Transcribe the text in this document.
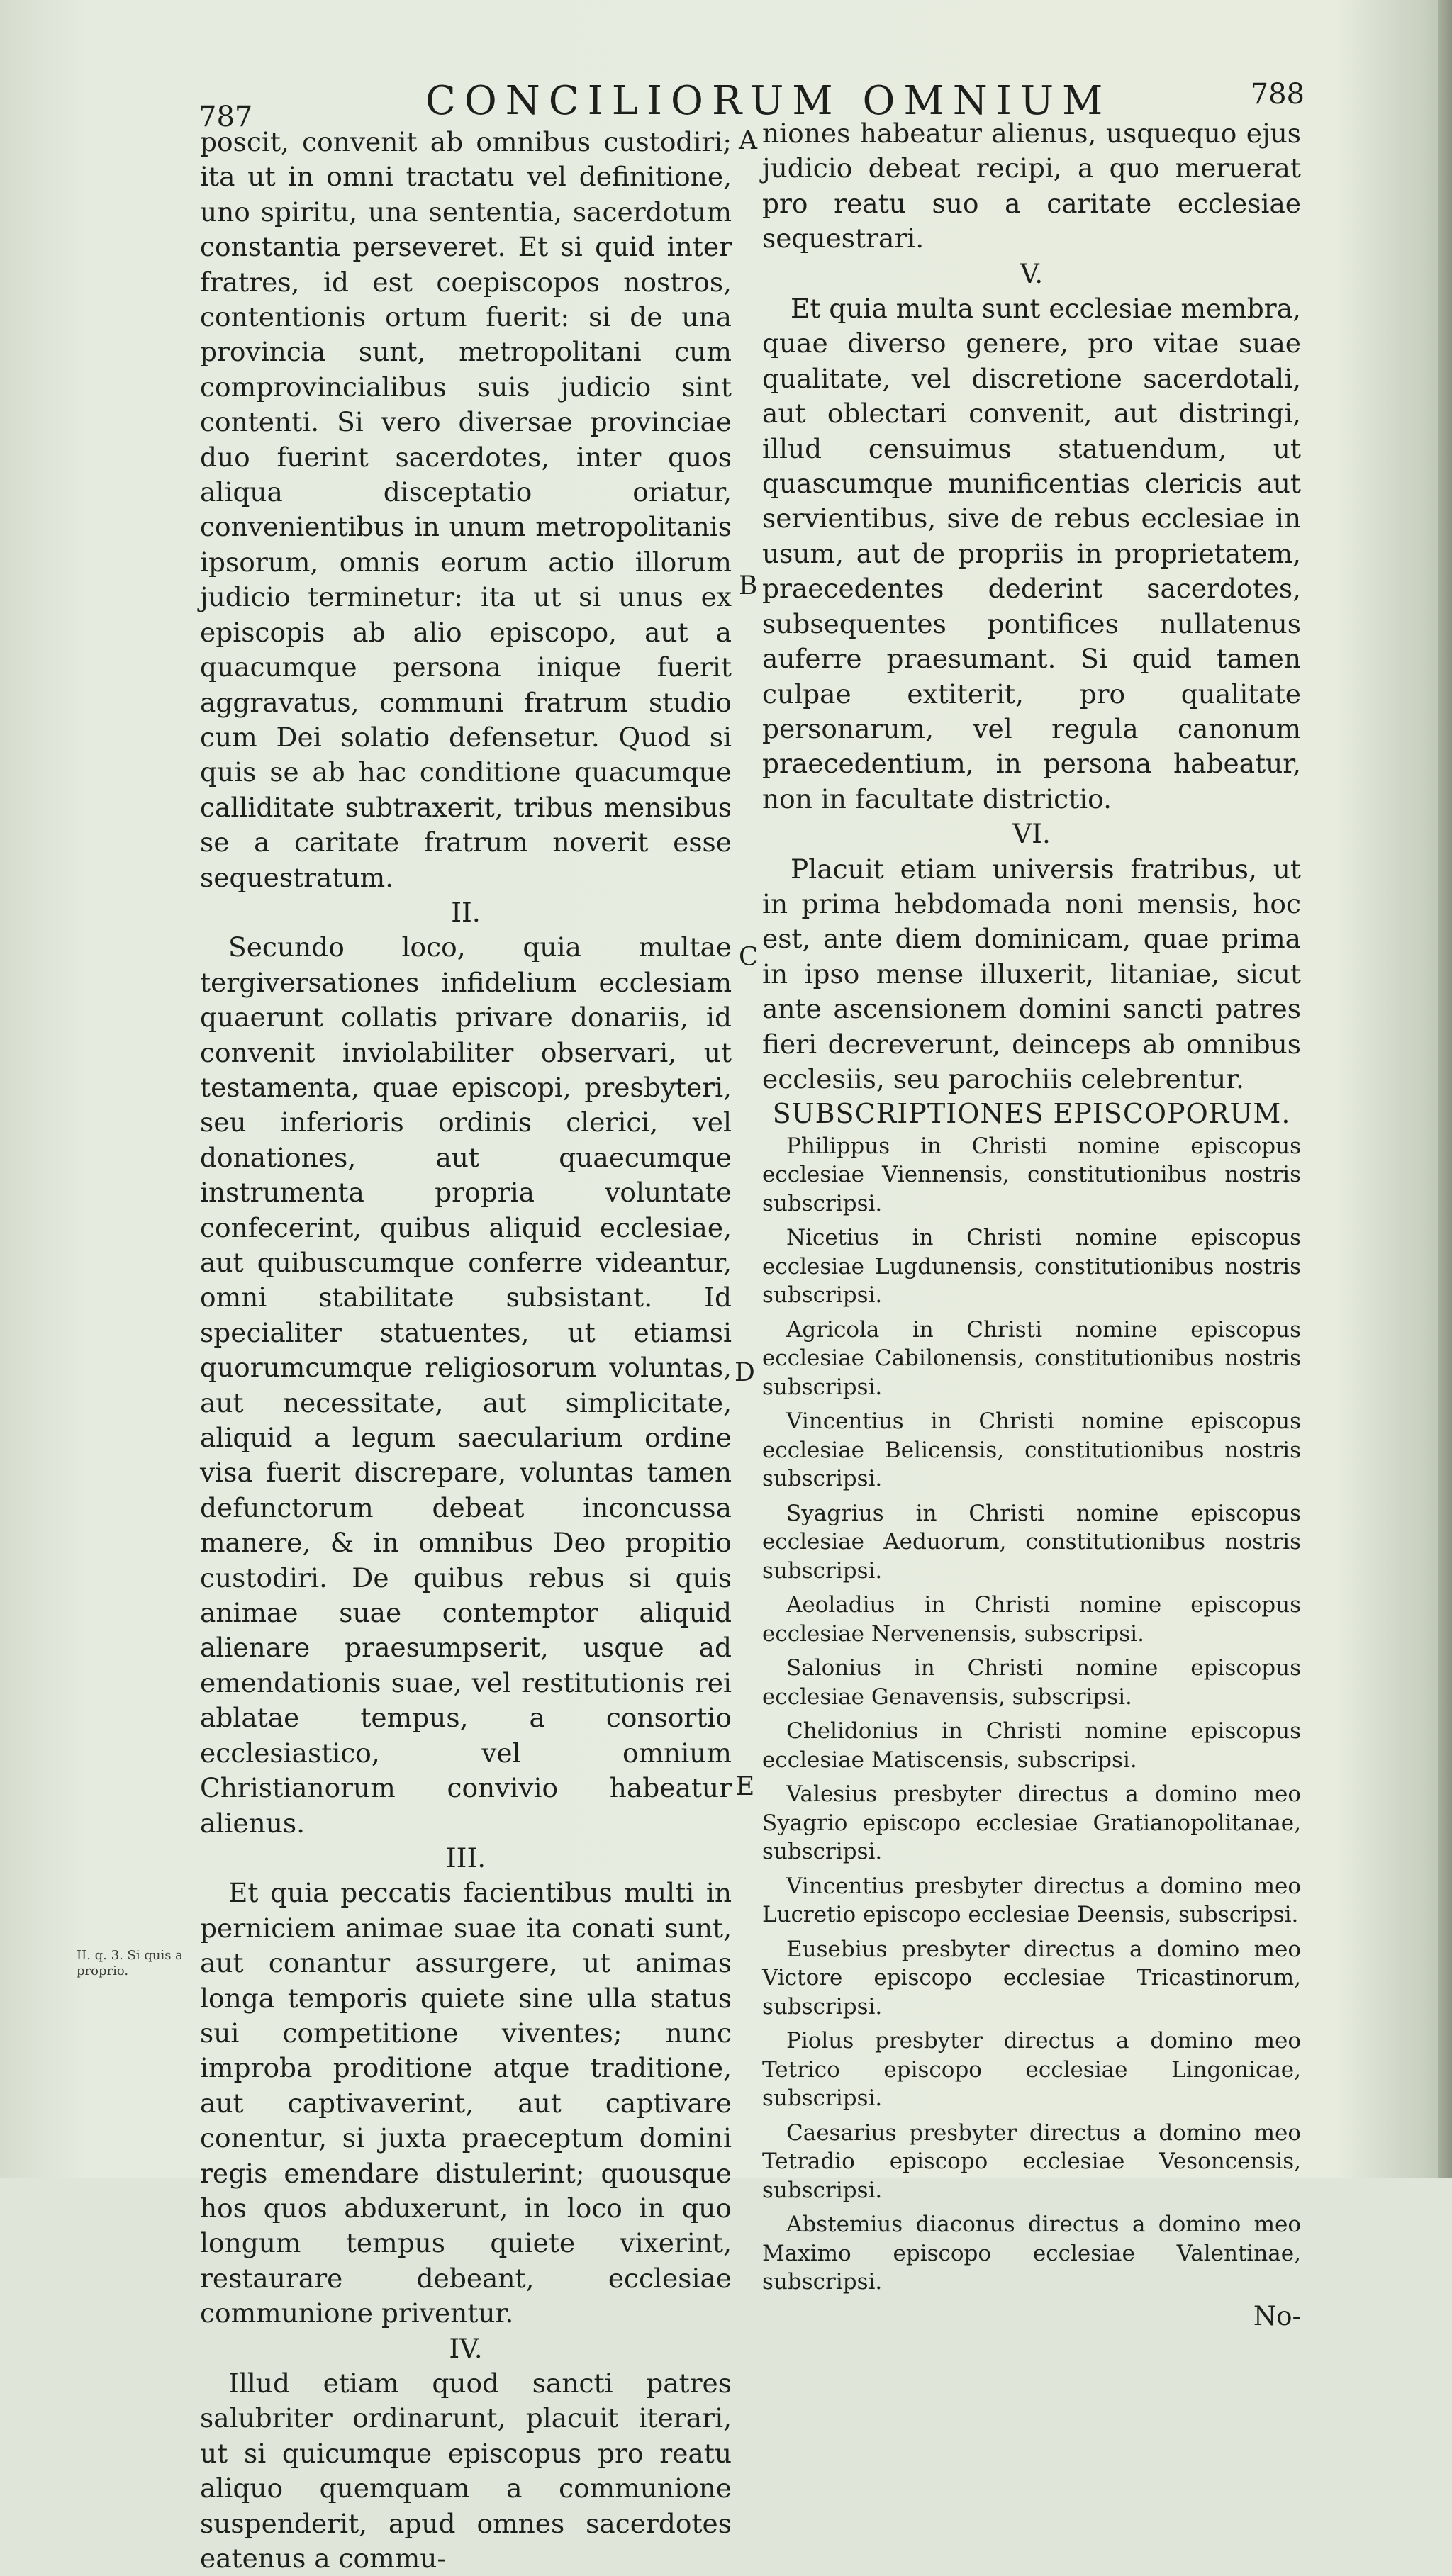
787	CONCILIORUM OMNIUM	788
II. q. 3. Si quis a proprio.
A
B
C
D
E

poscit, convenit ab omnibus custodiri; ita ut in omni tractatu vel definitione, uno spiritu, una sententia, sacerdotum constantia perseveret. Et si quid inter fratres, id est coepiscopos nostros, contentionis ortum fuerit: si de una provincia sunt, metropolitani cum comprovincialibus suis judicio sint contenti. Si vero diversae provinciae duo fuerint sacerdotes, inter quos aliqua disceptatio oriatur, convenientibus in unum metropolitanis ipsorum, omnis eorum actio illorum judicio terminetur: ita ut si unus ex episcopis ab alio episcopo, aut a quacumque persona inique fuerit aggravatus, communi fratrum studio cum Dei solatio defensetur. Quod si quis se ab hac conditione quacumque calliditate subtraxerit, tribus mensibus se a caritate fratrum noverit esse sequestratum.

II.

Secundo loco, quia multae tergiversationes infidelium ecclesiam quaerunt collatis privare donariis, id convenit inviolabiliter observari, ut testamenta, quae episcopi, presbyteri, seu inferioris ordinis clerici, vel donationes, aut quaecumque instrumenta propria voluntate confecerint, quibus aliquid ecclesiae, aut quibuscumque conferre videantur, omni stabilitate subsistant. Id specialiter statuentes, ut etiamsi quorumcumque religiosorum voluntas, aut necessitate, aut simplicitate, aliquid a legum saecularium ordine visa fuerit discrepare, voluntas tamen defunctorum debeat inconcussa manere, & in omnibus Deo propitio custodiri. De quibus rebus si quis animae suae contemptor aliquid alienare praesumpserit, usque ad emendationis suae, vel restitutionis rei ablatae tempus, a consortio ecclesiastico, vel omnium Christianorum convivio habeatur alienus.

III.

Et quia peccatis facientibus multi in perniciem animae suae ita conati sunt, aut conantur assurgere, ut animas longa temporis quiete sine ulla status sui competitione viventes; nunc improba proditione atque traditione, aut captivaverint, aut captivare conentur, si juxta praeceptum domini regis emendare distulerint; quousque hos quos abduxerunt, in loco in quo longum tempus quiete vixerint, restaurare debeant, ecclesiae communione priventur.

IV.

Illud etiam quod sancti patres salubriter ordinarunt, placuit iterari, ut si quicumque episcopus pro reatu aliquo quemquam a communione suspenderit, apud omnes sacerdotes eatenus a commu-

niones habeatur alienus, usquequo ejus judicio debeat recipi, a quo meruerat pro reatu suo a caritate ecclesiae sequestrari.

V.

Et quia multa sunt ecclesiae membra, quae diverso genere, pro vitae suae qualitate, vel discretione sacerdotali, aut oblectari convenit, aut distringi, illud censuimus statuendum, ut quascumque munificentias clericis aut servientibus, sive de rebus ecclesiae in usum, aut de propriis in proprietatem, praecedentes dederint sacerdotes, subsequentes pontifices nullatenus auferre praesumant. Si quid tamen culpae extiterit, pro qualitate personarum, vel regula canonum praecedentium, in persona habeatur, non in facultate districtio.

VI.

Placuit etiam universis fratribus, ut in prima hebdomada noni mensis, hoc est, ante diem dominicam, quae prima in ipso mense illuxerit, litaniae, sicut ante ascensionem domini sancti patres fieri decreverunt, deinceps ab omnibus ecclesiis, seu parochiis celebrentur.

SUBSCRIPTIONES EPISCOPORUM.

Philippus in Christi nomine episcopus ecclesiae Viennensis, constitutionibus nostris subscripsi.

Nicetius in Christi nomine episcopus ecclesiae Lugdunensis, constitutionibus nostris subscripsi.

Agricola in Christi nomine episcopus ecclesiae Cabilonensis, constitutionibus nostris subscripsi.

Vincentius in Christi nomine episcopus ecclesiae Belicensis, constitutionibus nostris subscripsi.

Syagrius in Christi nomine episcopus ecclesiae Aeduorum, constitutionibus nostris subscripsi.

Aeoladius in Christi nomine episcopus ecclesiae Nervenensis, subscripsi.

Salonius in Christi nomine episcopus ecclesiae Genavensis, subscripsi.

Chelidonius in Christi nomine episcopus ecclesiae Matiscensis, subscripsi.

Valesius presbyter directus a domino meo Syagrio episcopo ecclesiae Gratianopolitanae, subscripsi.

Vincentius presbyter directus a domino meo Lucretio episcopo ecclesiae Deensis, subscripsi.

Eusebius presbyter directus a domino meo Victore episcopo ecclesiae Tricastinorum, subscripsi.

Piolus presbyter directus a domino meo Tetrico episcopo ecclesiae Lingonicae, subscripsi.

Caesarius presbyter directus a domino meo Tetradio episcopo ecclesiae Vesoncensis, subscripsi.

Abstemius diaconus directus a domino meo Maximo episcopo ecclesiae Valentinae, subscripsi.

No-
